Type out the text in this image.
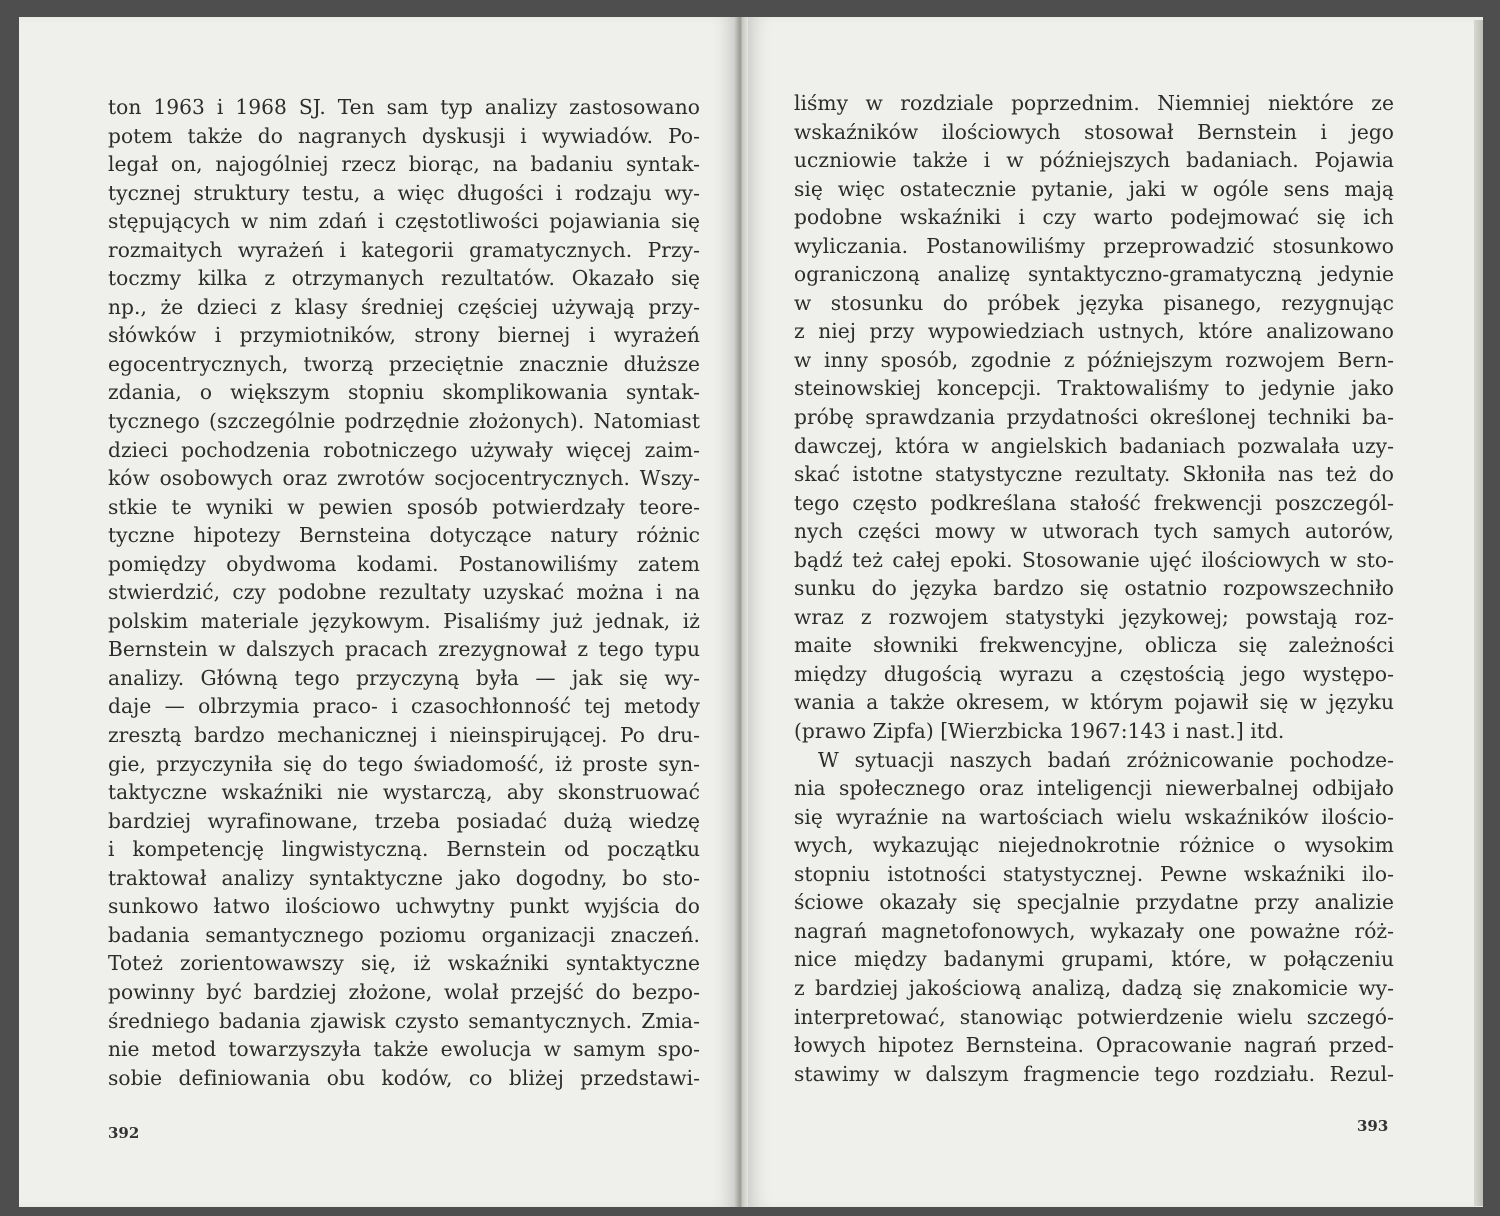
ton 1963 i 1968 SJ. Ten sam typ analizy zastosowano
potem także do nagranych dyskusji i wywiadów. Po-
legał on, najogólniej rzecz biorąc, na badaniu syntak-
tycznej struktury testu, a więc długości i rodzaju wy-
stępujących w nim zdań i częstotliwości pojawiania się
rozmaitych wyrażeń i kategorii gramatycznych. Przy-
toczmy kilka z otrzymanych rezultatów. Okazało się
np., że dzieci z klasy średniej częściej używają przy-
słówków i przymiotników, strony biernej i wyrażeń
egocentrycznych, tworzą przeciętnie znacznie dłuższe
zdania, o większym stopniu skomplikowania syntak-
tycznego (szczególnie podrzędnie złożonych). Natomiast
dzieci pochodzenia robotniczego używały więcej zaim-
ków osobowych oraz zwrotów socjocentrycznych. Wszy-
stkie te wyniki w pewien sposób potwierdzały teore-
tyczne hipotezy Bernsteina dotyczące natury różnic
pomiędzy obydwoma kodami. Postanowiliśmy zatem
stwierdzić, czy podobne rezultaty uzyskać można i na
polskim materiale językowym. Pisaliśmy już jednak, iż
Bernstein w dalszych pracach zrezygnował z tego typu
analizy. Główną tego przyczyną była — jak się wy-
daje — olbrzymia praco- i czasochłonność tej metody
zresztą bardzo mechanicznej i nieinspirującej. Po dru-
gie, przyczyniła się do tego świadomość, iż proste syn-
taktyczne wskaźniki nie wystarczą, aby skonstruować
bardziej wyrafinowane, trzeba posiadać dużą wiedzę
i kompetencję lingwistyczną. Bernstein od początku
traktował analizy syntaktyczne jako dogodny, bo sto-
sunkowo łatwo ilościowo uchwytny punkt wyjścia do
badania semantycznego poziomu organizacji znaczeń.
Toteż zorientowawszy się, iż wskaźniki syntaktyczne
powinny być bardziej złożone, wolał przejść do bezpo-
średniego badania zjawisk czysto semantycznych. Zmia-
nie metod towarzyszyła także ewolucja w samym spo-
sobie definiowania obu kodów, co bliżej przedstawi-
liśmy w rozdziale poprzednim. Niemniej niektóre ze
wskaźników ilościowych stosował Bernstein i jego
uczniowie także i w późniejszych badaniach. Pojawia
się więc ostatecznie pytanie, jaki w ogóle sens mają
podobne wskaźniki i czy warto podejmować się ich
wyliczania. Postanowiliśmy przeprowadzić stosunkowo
ograniczoną analizę syntaktyczno-gramatyczną jedynie
w stosunku do próbek języka pisanego, rezygnując
z niej przy wypowiedziach ustnych, które analizowano
w inny sposób, zgodnie z późniejszym rozwojem Bern-
steinowskiej koncepcji. Traktowaliśmy to jedynie jako
próbę sprawdzania przydatności określonej techniki ba-
dawczej, która w angielskich badaniach pozwalała uzy-
skać istotne statystyczne rezultaty. Skłoniła nas też do
tego często podkreślana stałość frekwencji poszczegól-
nych części mowy w utworach tych samych autorów,
bądź też całej epoki. Stosowanie ujęć ilościowych w sto-
sunku do języka bardzo się ostatnio rozpowszechniło
wraz z rozwojem statystyki językowej; powstają roz-
maite słowniki frekwencyjne, oblicza się zależności
między długością wyrazu a częstością jego występo-
wania a także okresem, w którym pojawił się w języku
(prawo Zipfa) [Wierzbicka 1967:143 i nast.] itd.
W sytuacji naszych badań zróżnicowanie pochodze-
nia społecznego oraz inteligencji niewerbalnej odbijało
się wyraźnie na wartościach wielu wskaźników ilościo-
wych, wykazując niejednokrotnie różnice o wysokim
stopniu istotności statystycznej. Pewne wskaźniki ilo-
ściowe okazały się specjalnie przydatne przy analizie
nagrań magnetofonowych, wykazały one poważne róż-
nice między badanymi grupami, które, w połączeniu
z bardziej jakościową analizą, dadzą się znakomicie wy-
interpretować, stanowiąc potwierdzenie wielu szczegó-
łowych hipotez Bernsteina. Opracowanie nagrań przed-
stawimy w dalszym fragmencie tego rozdziału. Rezul-
392	393
